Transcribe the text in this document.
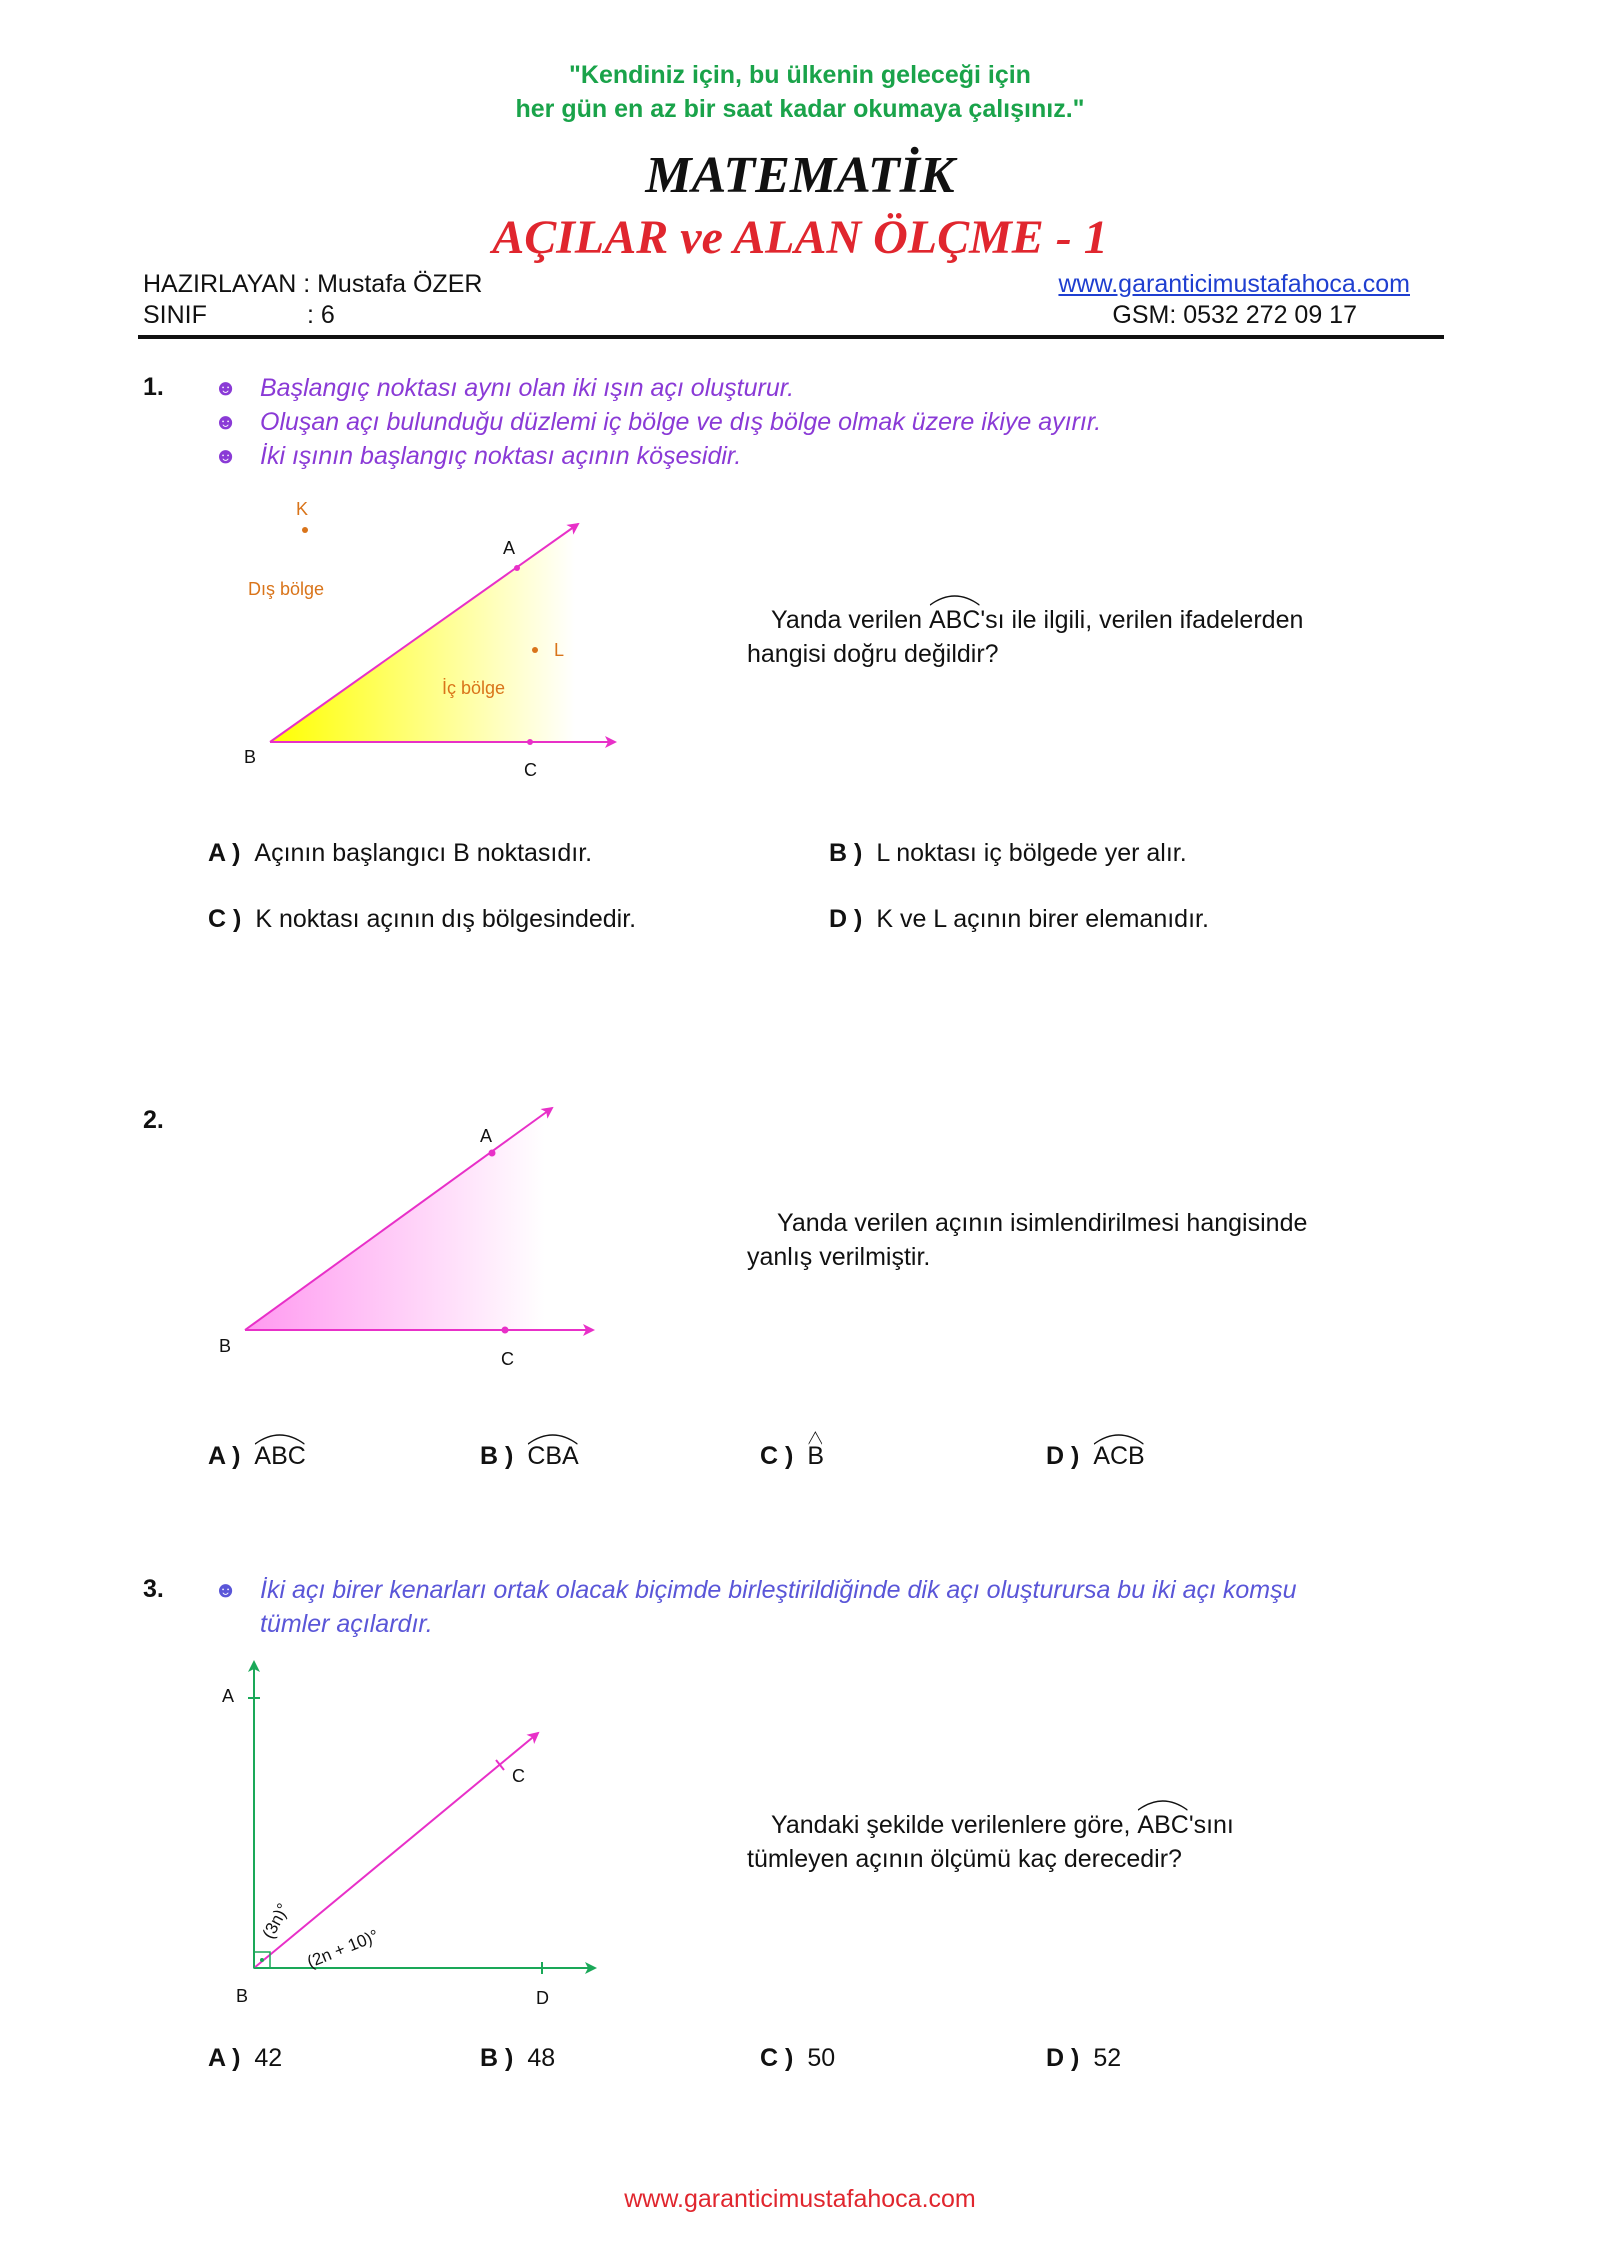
"Kendiniz için, bu ülkenin geleceği için
her gün en az bir saat kadar okumaya çalışınız."
MATEMATİK
AÇILAR ve ALAN ÖLÇME - 1
HAZIRLAYAN : Mustafa ÖZER
SINIF	: 6
www.garanticimustafahoca.com
GSM: 0532 272 09 17
1. ☻
☻
☻
Başlangıç noktası aynı olan iki ışın açı oluşturur.
Oluşan açı bulunduğu düzlemi iç bölge ve dış bölge olmak üzere ikiye ayırır.
İki ışının başlangıç noktası açının köşesidir.
K
A
B
C
L
Dış bölge
İç bölge
Yanda verilen
ABC'sı ile ilgili, verilen ifadelerden
hangisi doğru değildir?
A ) Açının başlangıcı B noktasıdır.	B ) L noktası iç bölgede yer alır.
C ) K noktası açının dış bölgesindedir.	D ) K ve L açının birer elemanıdır.
2.
A
B
C
Yanda verilen açının isimlendirilmesi hangisinde
yanlış verilmiştir.
A ) ABC	B ) CBA	C ) B	D ) ACB
3. ☻ İki açı birer kenarları ortak olacak biçimde birleştirildiğinde dik açı oluşturursa bu iki açı komşu
tümler açılardır.
A
C
B	D
(3n)°
(2n + 10)°
Yandaki şekilde verilenlere göre,
ABC'sını
tümleyen açının ölçümü kaç derecedir?
A ) 42	B ) 48	C ) 50	D ) 52
www.garanticimustafahoca.com
